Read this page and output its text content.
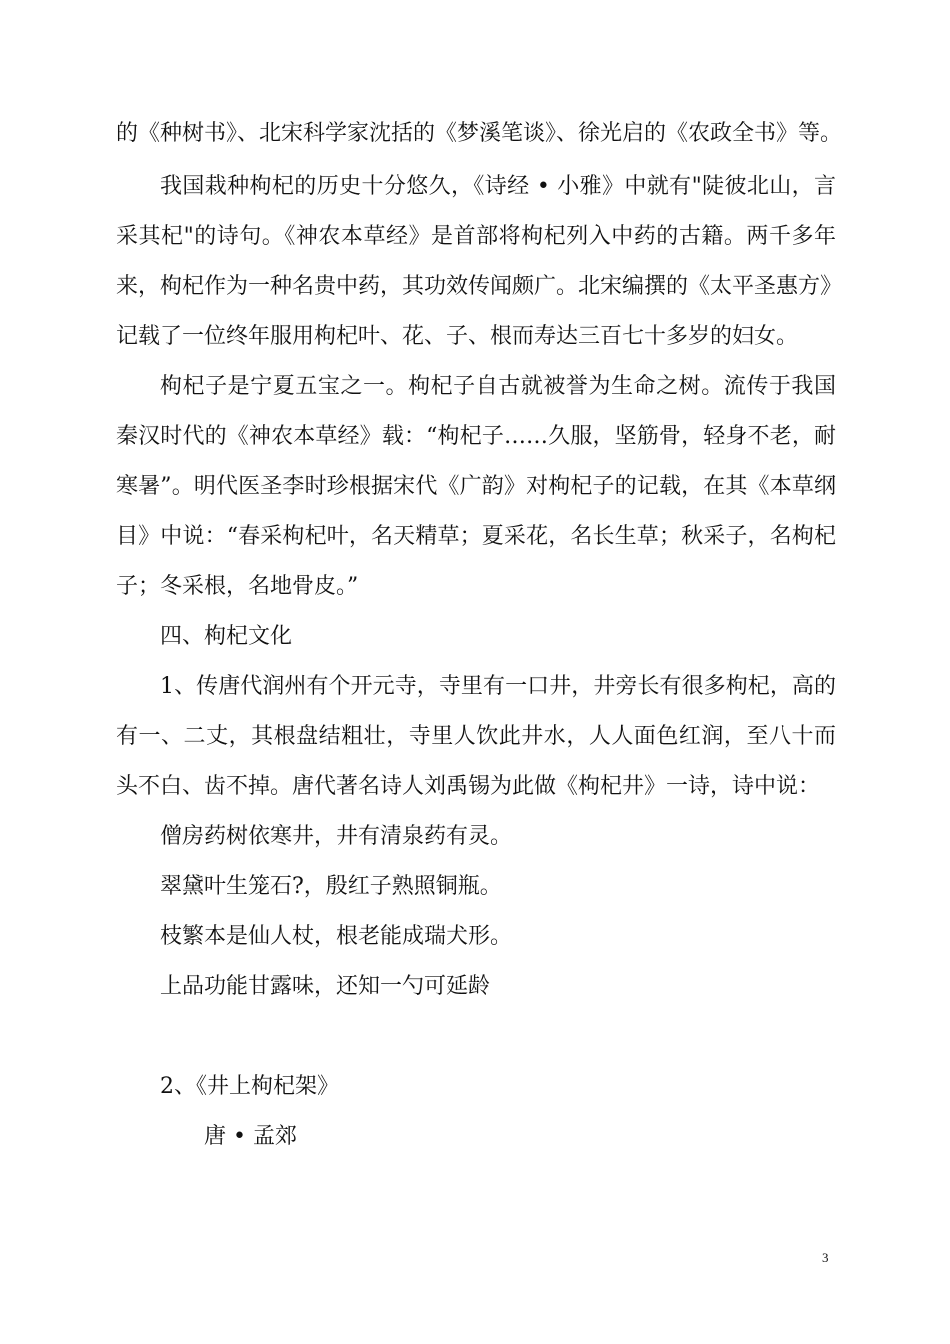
的《种树书》、北宋科学家沈括的《梦溪笔谈》、徐光启的《农政全书》等。
我国栽种枸杞的历史十分悠久，《诗经 • 小雅》中就有"陡彼北山，言
采其杞"的诗句。《神农本草经》是首部将枸杞列入中药的古籍。两千多年
来，枸杞作为一种名贵中药，其功效传闻颇广。北宋编撰的《太平圣惠方》
记载了一位终年服用枸杞叶、花、子、根而寿达三百七十多岁的妇女。
枸杞子是宁夏五宝之一。枸杞子自古就被誉为生命之树。流传于我国
秦汉时代的《神农本草经》载：“枸杞子……久服，坚筋骨，轻身不老，耐
寒暑”。明代医圣李时珍根据宋代《广韵》对枸杞子的记载，在其《本草纲
目》中说：“春采枸杞叶，名天精草；夏采花，名长生草；秋采子，名枸杞
子；冬采根，名地骨皮。”
四、枸杞文化
1、传唐代润州有个开元寺，寺里有一口井，井旁长有很多枸杞，高的
有一、二丈，其根盘结粗壮，寺里人饮此井水，人人面色红润，至八十而
头不白、齿不掉。唐代著名诗人刘禹锡为此做《枸杞井》一诗，诗中说：
僧房药树依寒井，井有清泉药有灵。
翠黛叶生笼石?，殷红子熟照铜瓶。
枝繁本是仙人杖，根老能成瑞犬形。
上品功能甘露味，还知一勺可延龄
2、《井上枸杞架》
唐 • 孟郊
3
